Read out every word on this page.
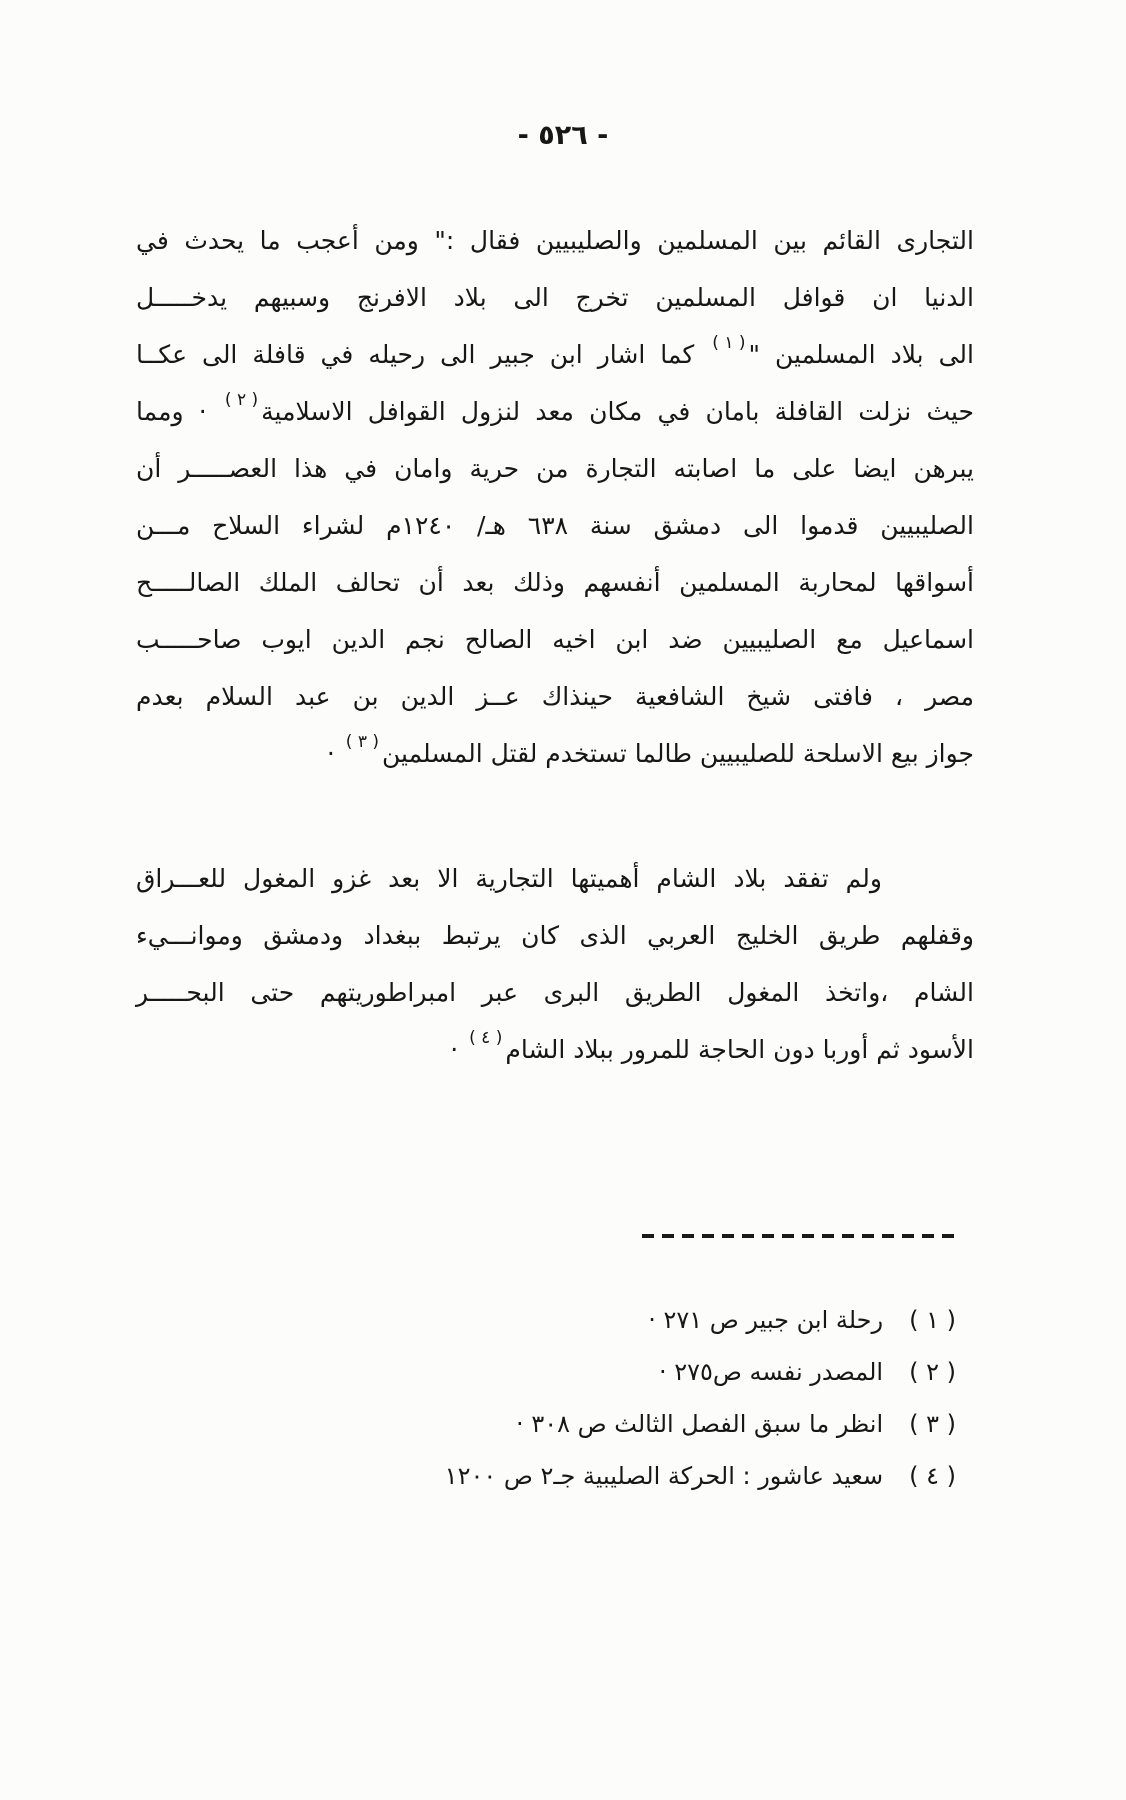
- ٥٢٦ -
التجارى القائم بين المسلمين والصليبيين فقال :" ومن أعجب ما يحدث في
الدنيا ان قوافل المسلمين تخرج الى بلاد الافرنج وسبيهم يدخـــــل
الى بلاد المسلمين "( ١ ) كما اشار ابن جبير الى رحيله في قافلة الى عكــا
حيث نزلت القافلة بامان في مكان معد لنزول القوافل الاسلامية( ٢ ) · ومما
يبرهن ايضا على ما اصابته التجارة من حرية وامان في هذا العصـــــر أن
الصليبيين قدموا الى دمشق سنة ٦٣٨ هـ/ ١٢٤٠م لشراء السلاح مـــن
أسواقها لمحاربة المسلمين أنفسهم وذلك بعد أن تحالف الملك الصالـــــح
اسماعيل مع الصليبيين ضد ابن اخيه الصالح نجم الدين ايوب صاحـــــب
مصر ، فافتى شيخ الشافعية حينذاك عــز الدين بن عبد السلام بعدم
جواز بيع الاسلحة للصليبيين طالما تستخدم لقتل المسلمين( ٣ ) ·
ولم تفقد بلاد الشام أهميتها التجارية الا بعد غزو المغول للعـــراق
وقفلهم طريق الخليج العربي الذى كان يرتبط ببغداد ودمشق وموانـــيء
الشام ،واتخذ المغول الطريق البرى عبر امبراطوريتهم حتى البحـــــر
الأسود ثم أوربا دون الحاجة للمرور ببلاد الشام( ٤ ) ·
( ١ )رحلة ابن جبير ص ٢٧١ ·
( ٢ )المصدر نفسه ص٢٧٥ ·
( ٣ )انظر ما سبق الفصل الثالث ص ٣٠٨ ·
( ٤ )سعيد عاشور : الحركة الصليبية جـ٢ ص ١٢٠٠
